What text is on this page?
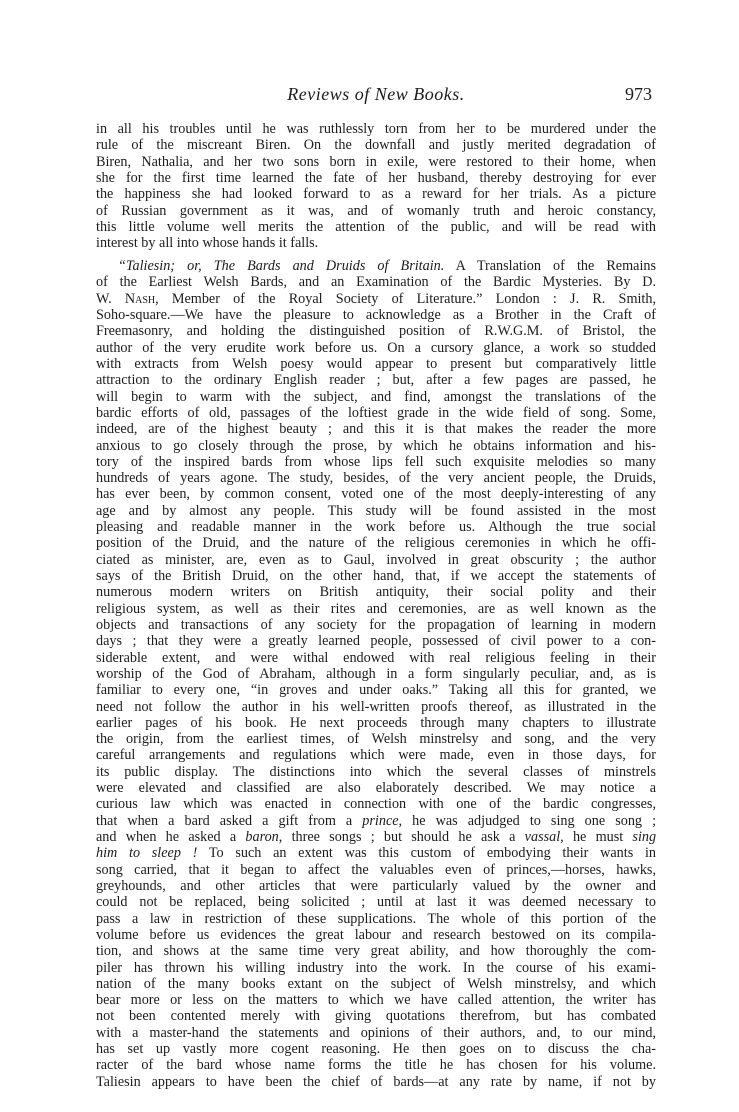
Reviews of New Books.	973
in all his troubles until he was ruthlessly torn from her to be murdered under the
rule of the miscreant Biren. On the downfall and justly merited degradation of
Biren, Nathalia, and her two sons born in exile, were restored to their home, when
she for the first time learned the fate of her husband, thereby destroying for ever
the happiness she had looked forward to as a reward for her trials. As a picture
of Russian government as it was, and of womanly truth and heroic constancy,
this little volume well merits the attention of the public, and will be read with
interest by all into whose hands it falls.
“Taliesin; or, The Bards and Druids of Britain. A Translation of the Remains
of the Earliest Welsh Bards, and an Examination of the Bardic Mysteries. By D.
W. Nash, Member of the Royal Society of Literature.” London : J. R. Smith,
Soho-square.—We have the pleasure to acknowledge as a Brother in the Craft of
Freemasonry, and holding the distinguished position of R.W.G.M. of Bristol, the
author of the very erudite work before us. On a cursory glance, a work so studded
with extracts from Welsh poesy would appear to present but comparatively little
attraction to the ordinary English reader ; but, after a few pages are passed, he
will begin to warm with the subject, and find, amongst the translations of the
bardic efforts of old, passages of the loftiest grade in the wide field of song. Some,
indeed, are of the highest beauty ; and this it is that makes the reader the more
anxious to go closely through the prose, by which he obtains information and his-
tory of the inspired bards from whose lips fell such exquisite melodies so many
hundreds of years agone. The study, besides, of the very ancient people, the Druids,
has ever been, by common consent, voted one of the most deeply-interesting of any
age and by almost any people. This study will be found assisted in the most
pleasing and readable manner in the work before us. Although the true social
position of the Druid, and the nature of the religious ceremonies in which he offi-
ciated as minister, are, even as to Gaul, involved in great obscurity ; the author
says of the British Druid, on the other hand, that, if we accept the statements of
numerous modern writers on British antiquity, their social polity and their
religious system, as well as their rites and ceremonies, are as well known as the
objects and transactions of any society for the propagation of learning in modern
days ; that they were a greatly learned people, possessed of civil power to a con-
siderable extent, and were withal endowed with real religious feeling in their
worship of the God of Abraham, although in a form singularly peculiar, and, as is
familiar to every one, “in groves and under oaks.” Taking all this for granted, we
need not follow the author in his well-written proofs thereof, as illustrated in the
earlier pages of his book. He next proceeds through many chapters to illustrate
the origin, from the earliest times, of Welsh minstrelsy and song, and the very
careful arrangements and regulations which were made, even in those days, for
its public display. The distinctions into which the several classes of minstrels
were elevated and classified are also elaborately described. We may notice a
curious law which was enacted in connection with one of the bardic congresses,
that when a bard asked a gift from a prince, he was adjudged to sing one song ;
and when he asked a baron, three songs ; but should he ask a vassal, he must sing
him to sleep ! To such an extent was this custom of embodying their wants in
song carried, that it began to affect the valuables even of princes,—horses, hawks,
greyhounds, and other articles that were particularly valued by the owner and
could not be replaced, being solicited ; until at last it was deemed necessary to
pass a law in restriction of these supplications. The whole of this portion of the
volume before us evidences the great labour and research bestowed on its compila-
tion, and shows at the same time very great ability, and how thoroughly the com-
piler has thrown his willing industry into the work. In the course of his exami-
nation of the many books extant on the subject of Welsh minstrelsy, and which
bear more or less on the matters to which we have called attention, the writer has
not been contented merely with giving quotations therefrom, but has combated
with a master-hand the statements and opinions of their authors, and, to our mind,
has set up vastly more cogent reasoning. He then goes on to discuss the cha-
racter of the bard whose name forms the title he has chosen for his volume.
Taliesin appears to have been the chief of bards—at any rate by name, if not by
